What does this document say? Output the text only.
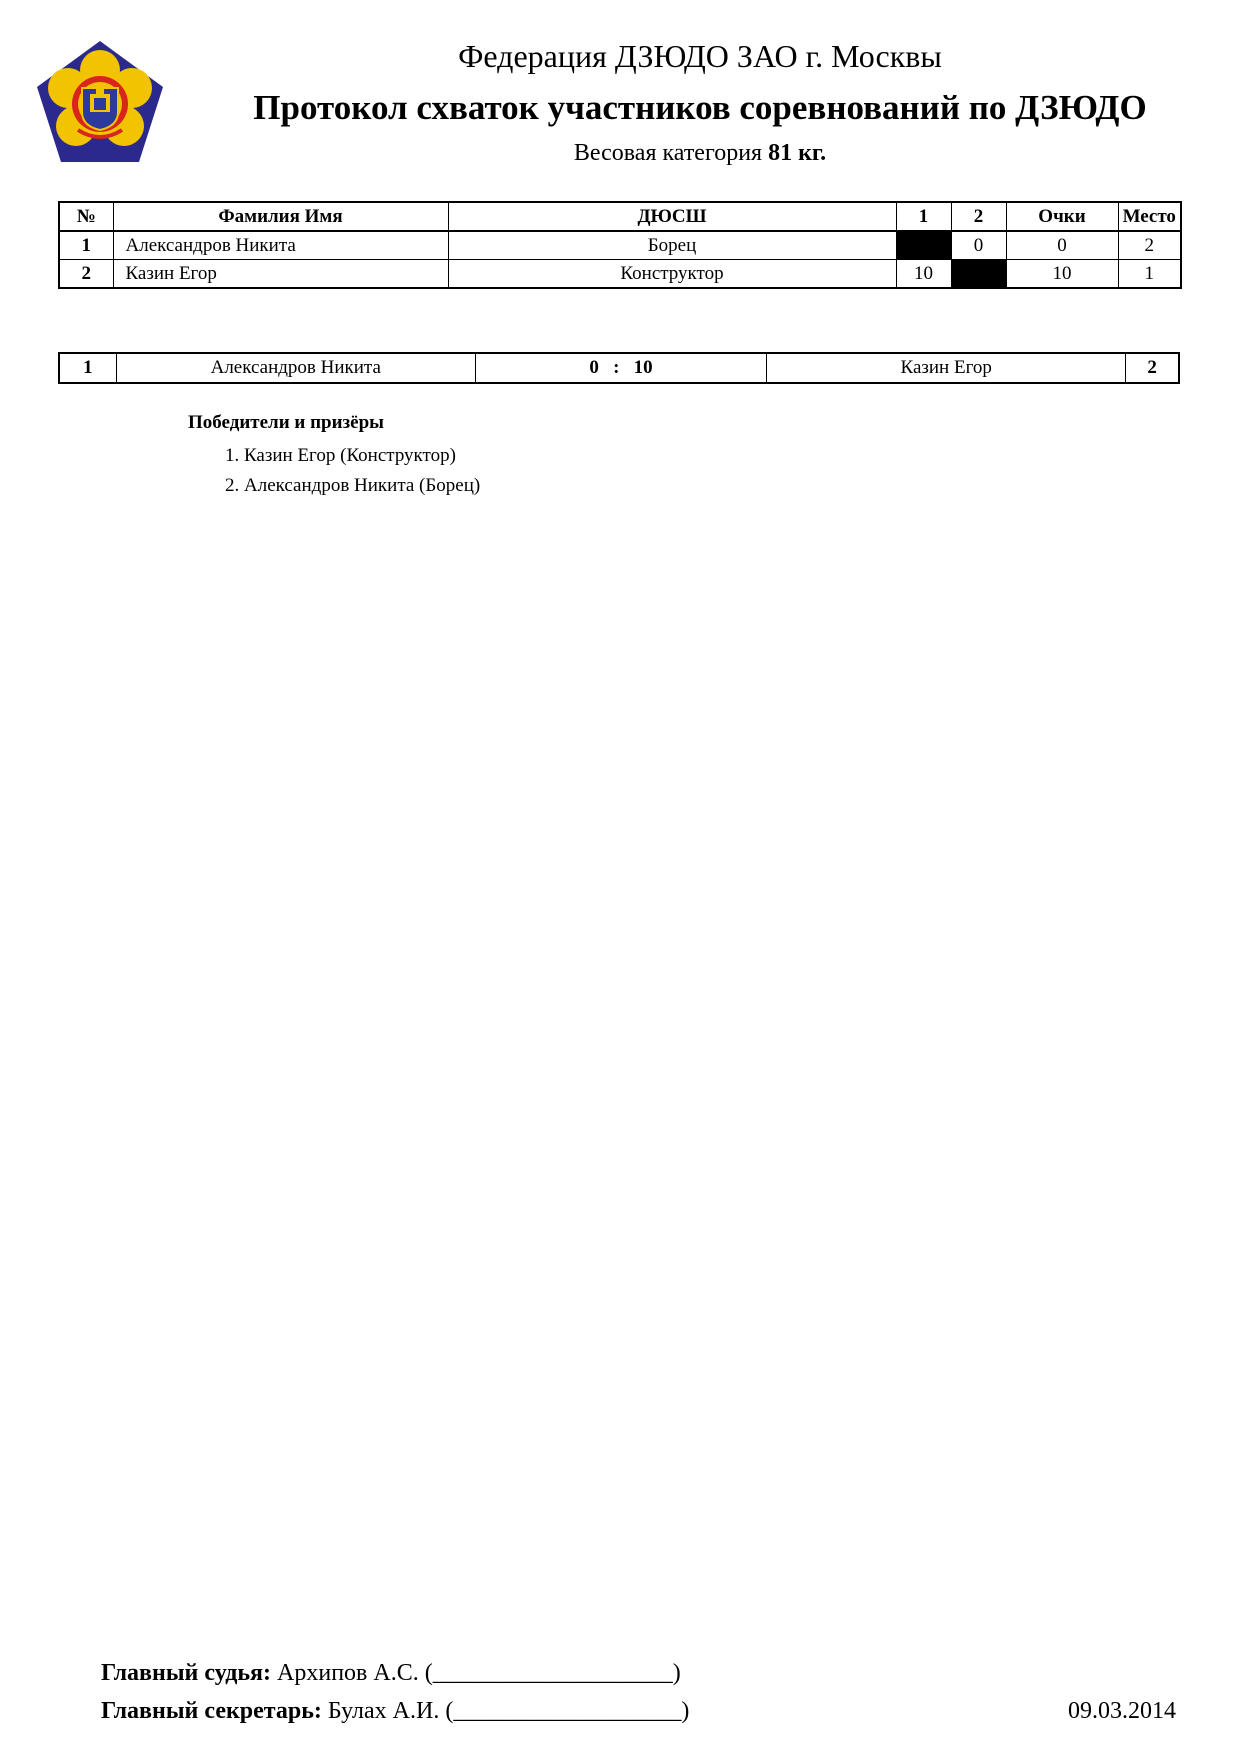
Федерация ДЗЮДО ЗАО г. Москвы
Протокол схваток участников соревнований по ДЗЮДО
Весовая категория 81 кг.
№	Фамилия Имя	ДЮСШ	1	2	Очки	Место
1	Александров Никита	Борец		0	0	2
2	Казин Егор	Конструктор	10		10	1
1	Александров Никита	0 : 10	Казин Егор	2
Победители и призёры
1. Казин Егор (Конструктор)
2. Александров Никита (Борец)
Главный судья: Архипов А.С. (____________________)
Главный секретарь: Булах А.И. (___________________)	09.03.2014
